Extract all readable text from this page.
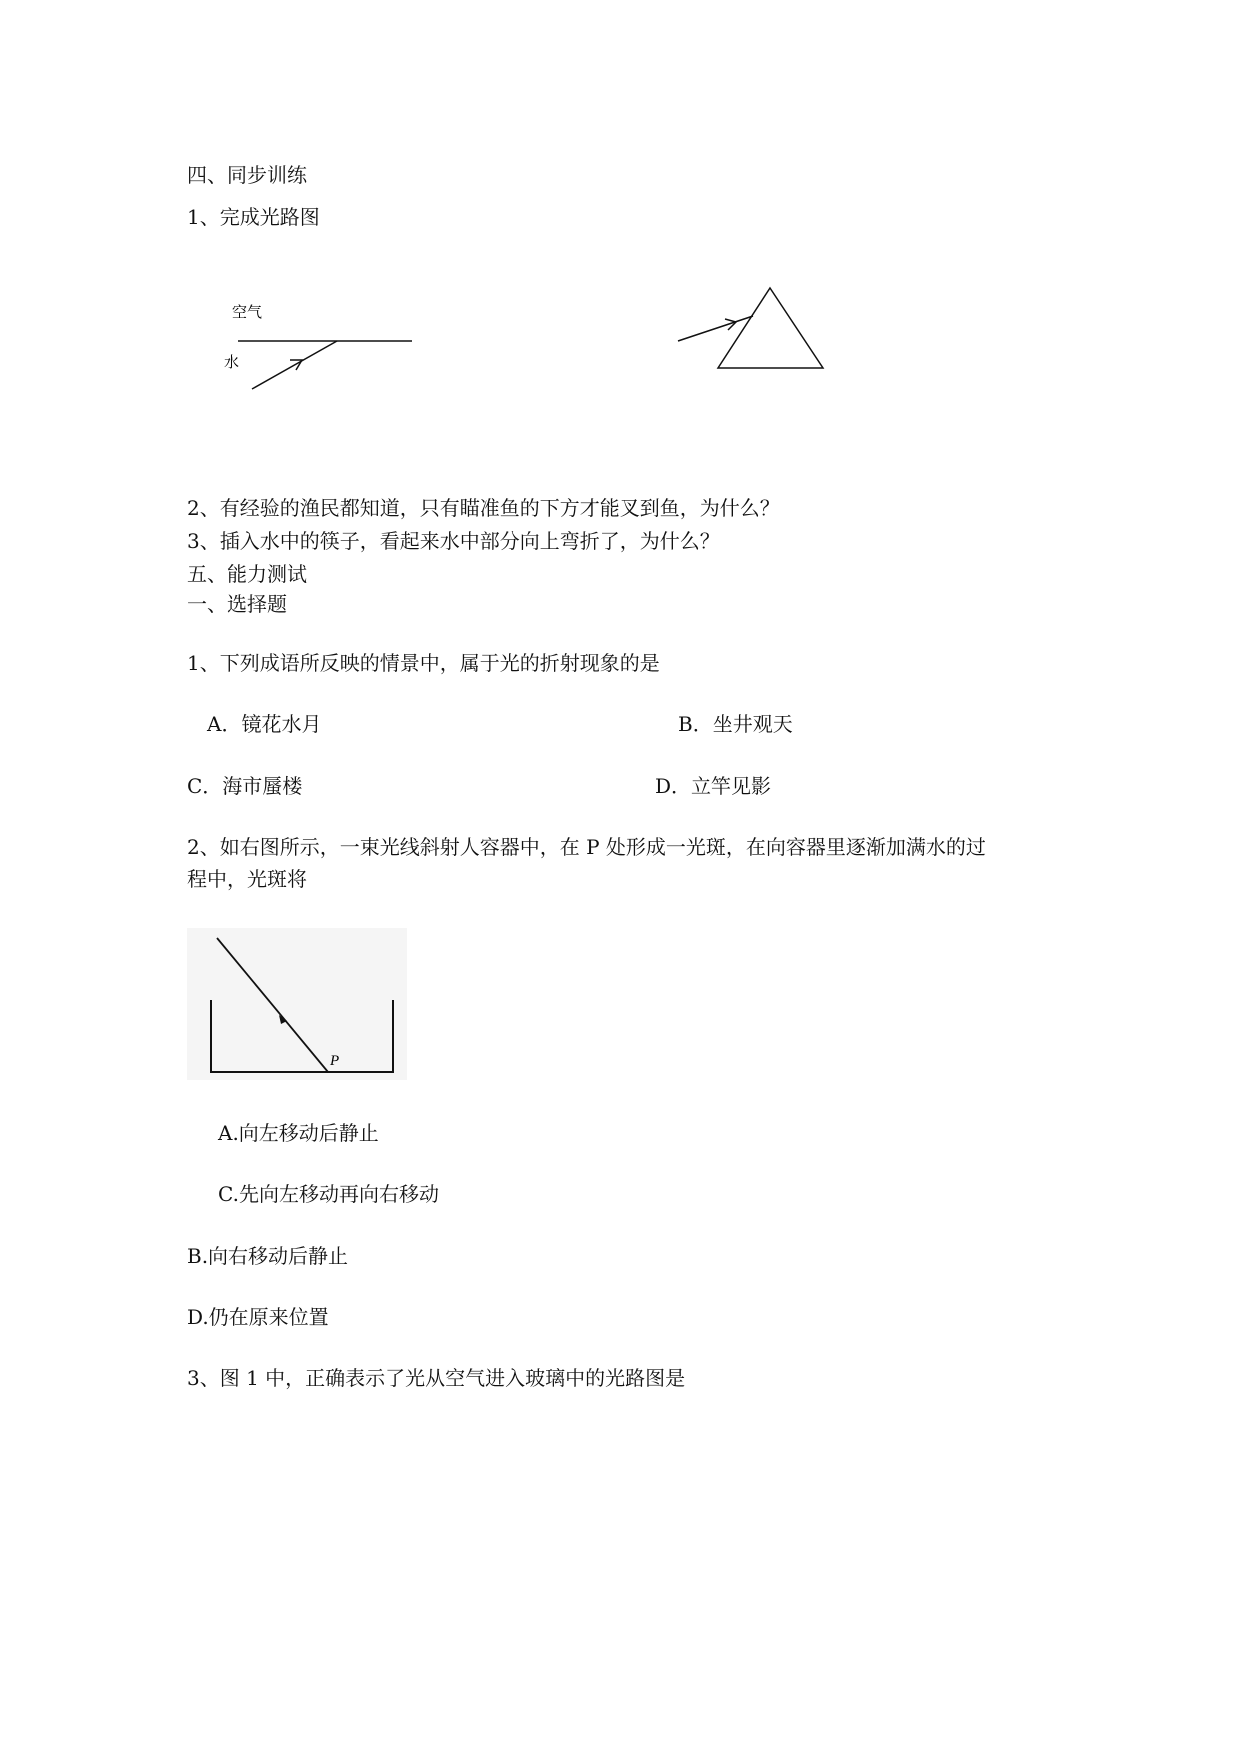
四、同步训练
1、完成光路图
空气
水
2、有经验的渔民都知道，只有瞄准鱼的下方才能叉到鱼，为什么？
3、插入水中的筷子，看起来水中部分向上弯折了，为什么？
五、能力测试
一、选择题
1、下列成语所反映的情景中，属于光的折射现象的是
A．镜花水月	B．坐井观天
C．海市蜃楼	D．立竿见影
2、如右图所示，一束光线斜射人容器中，在 P 处形成一光斑，在向容器里逐渐加满水的过
程中，光斑将
P
A.向左移动后静止
C.先向左移动再向右移动
B.向右移动后静止
D.仍在原来位置
3、图 1 中，正确表示了光从空气进入玻璃中的光路图是
